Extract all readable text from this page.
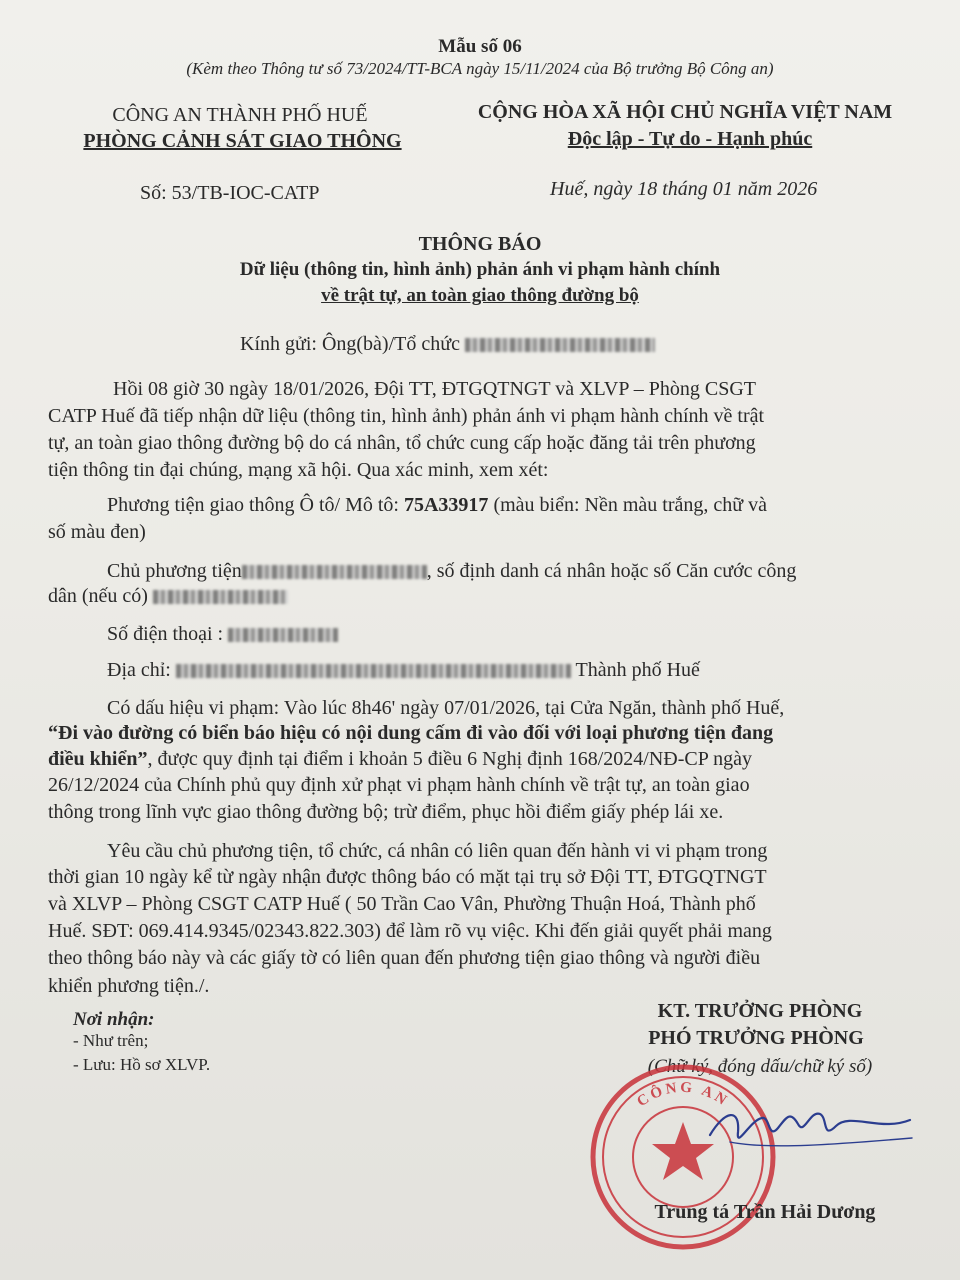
Mẫu số 06
(Kèm theo Thông tư số 73/2024/TT-BCA ngày 15/11/2024 của Bộ trưởng Bộ Công an)
CÔNG AN THÀNH PHỐ HUẾ
PHÒNG CẢNH SÁT GIAO THÔNG
Số: 53/TB-IOC-CATP
CỘNG HÒA XÃ HỘI CHỦ NGHĨA VIỆT NAM
Độc lập - Tự do - Hạnh phúc
Huế, ngày 18 tháng 01 năm 2026
THÔNG BÁO
Dữ liệu (thông tin, hình ảnh) phản ánh vi phạm hành chính
về trật tự, an toàn giao thông đường bộ
Kính gửi: Ông(bà)/Tổ chức
Hồi 08 giờ 30 ngày 18/01/2026, Đội TT, ĐTGQTNGT và XLVP – Phòng CSGT
CATP Huế đã tiếp nhận dữ liệu (thông tin, hình ảnh) phản ánh vi phạm hành chính về trật
tự, an toàn giao thông đường bộ do cá nhân, tổ chức cung cấp hoặc đăng tải trên phương
tiện thông tin đại chúng, mạng xã hội. Qua xác minh, xem xét:
Phương tiện giao thông Ô tô/ Mô tô: 75A33917 (màu biển: Nền màu trắng, chữ và
số màu đen)
Chủ phương tiện	, số định danh cá nhân hoặc số Căn cước công
dân (nếu có)
Số điện thoại :
Địa chỉ:	Thành phố Huế
Có dấu hiệu vi phạm: Vào lúc 8h46' ngày 07/01/2026, tại Cửa Ngăn, thành phố Huế,
“Đi vào đường có biển báo hiệu có nội dung cấm đi vào đối với loại phương tiện đang
điều khiển”, được quy định tại điểm i khoản 5 điều 6 Nghị định 168/2024/NĐ-CP ngày
26/12/2024 của Chính phủ quy định xử phạt vi phạm hành chính về trật tự, an toàn giao
thông trong lĩnh vực giao thông đường bộ; trừ điểm, phục hồi điểm giấy phép lái xe.
Yêu cầu chủ phương tiện, tổ chức, cá nhân có liên quan đến hành vi vi phạm trong
thời gian 10 ngày kể từ ngày nhận được thông báo có mặt tại trụ sở Đội TT, ĐTGQTNGT
và XLVP – Phòng CSGT CATP Huế ( 50 Trần Cao Vân, Phường Thuận Hoá, Thành phố
Huế. SĐT: 069.414.9345/02343.822.303) để làm rõ vụ việc. Khi đến giải quyết phải mang
theo thông báo này và các giấy tờ có liên quan đến phương tiện giao thông và người điều
khiển phương tiện./.
Nơi nhận:
- Như trên;
- Lưu: Hồ sơ XLVP.
KT. TRƯỞNG PHÒNG
PHÓ TRƯỞNG PHÒNG
(Chữ ký, đóng dấu/chữ ký số)
CÔNG AN
Trung tá Trần Hải Dương
